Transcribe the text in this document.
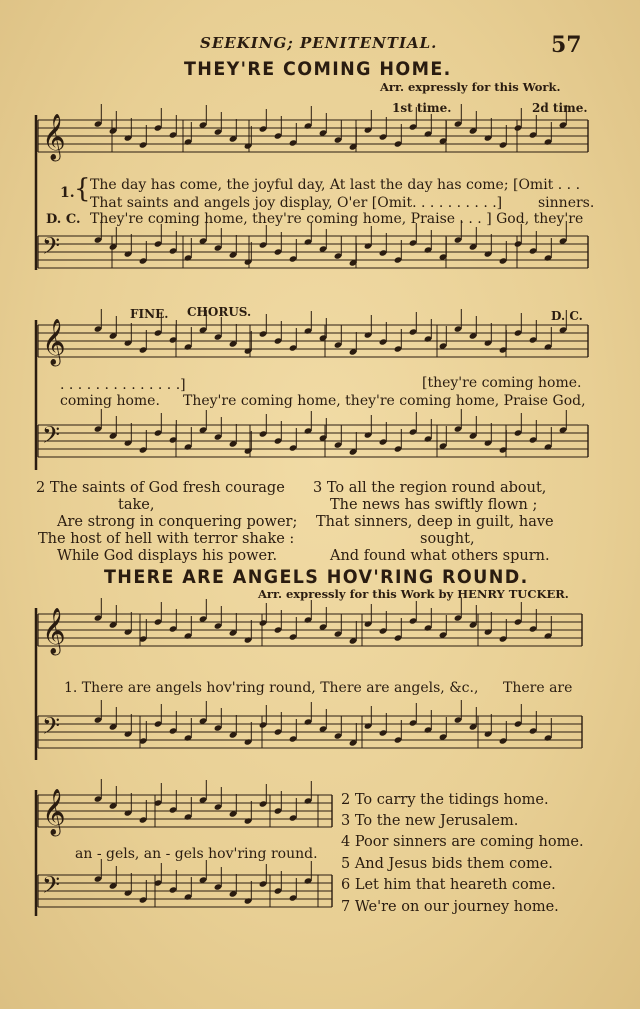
𝄞
𝄢
𝄞
𝄢
𝄞
𝄢
𝄞
𝄢
SEEKING; PENITENTIAL.	57
THEY'RE COMING HOME.
Arr. expressly for this Work.
1st time.	2d time.
1. { The day has come, the joyful day, At last the day has come; [Omit . . .
That saints and angels joy display, O'er [Omit. . . . . . . . . .]	sinners.
D. C. They're coming home, they're coming home, Praise . . . ] God, they're
FINE. CHORUS.	D. C.
. . . . . . . . . . . . . .]	[they're coming home.
coming home. They're coming home, they're coming home, Praise God,
2 The saints of God fresh courage
take,
Are strong in conquering power;
The host of hell with terror shake :
While God displays his power.
3 To all the region round about,
The news has swiftly flown ;
That sinners, deep in guilt, have
sought,
And found what others spurn.
THERE ARE ANGELS HOV'RING ROUND.
Arr. expressly for this Work by HENRY TUCKER.
1. There are angels hov'ring round, There are angels, &c., There are
an - gels, an - gels hov'ring round.
2 To carry the tidings home.
3 To the new Jerusalem.
4 Poor sinners are coming home.
5 And Jesus bids them come.
6 Let him that heareth come.
7 We're on our journey home.
